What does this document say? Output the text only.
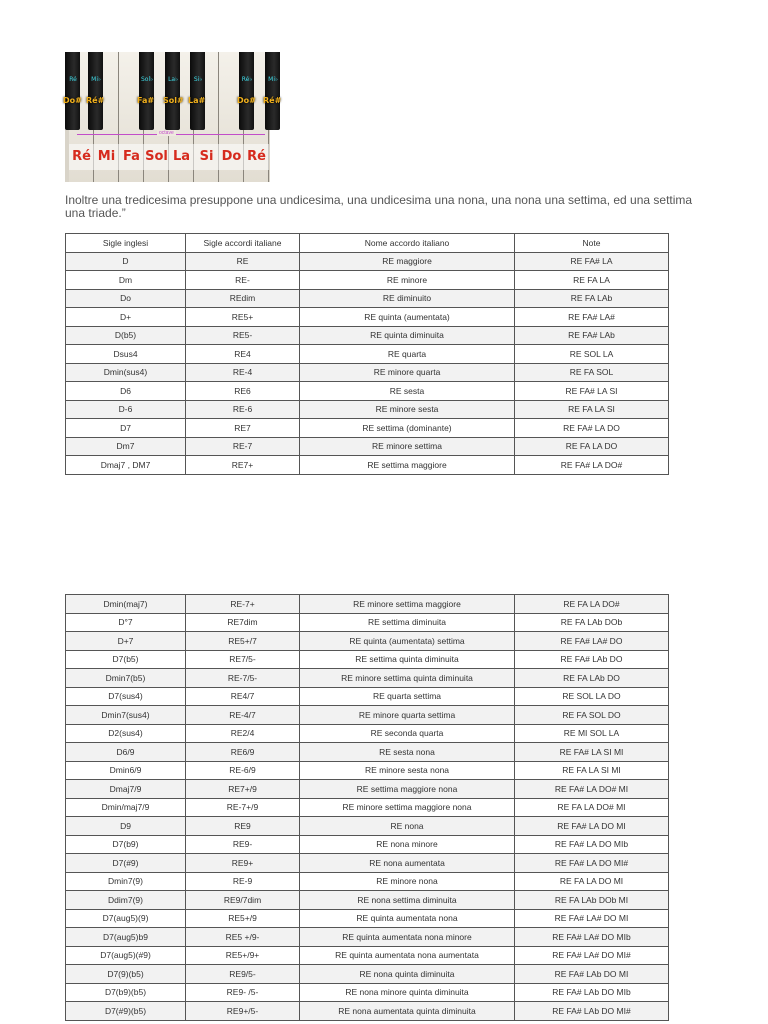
octave
Ré
Do#
Mi♭
Ré#
Sol♭
Fa#
La♭
Sol#
Si♭
La#
Ré♭
Do#
Mi♭
Ré#
Ré Mi Fa Sol La Si Do Ré
Inoltre una tredicesima presuppone una undicesima, una undicesima una nona, una nona una settima, ed una settima una triade.”
Sigle inglesi	Sigle accordi italiane	Nome accordo italiano	Note
D	RE	RE maggiore	RE FA# LA
Dm	RE-	RE minore	RE FA LA
Do	REdim	RE diminuito	RE FA LAb
D+	RE5+	RE quinta (aumentata)	RE FA# LA#
D(b5)	RE5-	RE quinta diminuita	RE FA# LAb
Dsus4	RE4	RE quarta	RE SOL LA
Dmin(sus4)	RE-4	RE minore quarta	RE FA SOL
D6	RE6	RE sesta	RE FA# LA SI
D-6	RE-6	RE minore sesta	RE FA LA SI
D7	RE7	RE settima (dominante)	RE FA# LA DO
Dm7	RE-7	RE minore settima	RE FA LA DO
Dmaj7 , DM7	RE7+	RE settima maggiore	RE FA# LA DO#
Dmin(maj7)	RE-7+	RE minore settima maggiore	RE FA LA DO#
D°7	RE7dim	RE settima diminuita	RE FA LAb DOb
D+7	RE5+/7	RE quinta (aumentata) settima	RE FA# LA# DO
D7(b5)	RE7/5-	RE settima quinta diminuita	RE FA# LAb DO
Dmin7(b5)	RE-7/5-	RE minore settima quinta diminuita	RE FA LAb DO
D7(sus4)	RE4/7	RE quarta settima	RE SOL LA DO
Dmin7(sus4)	RE-4/7	RE minore quarta settima	RE FA SOL DO
D2(sus4)	RE2/4	RE seconda quarta	RE MI SOL LA
D6/9	RE6/9	RE sesta nona	RE FA# LA SI MI
Dmin6/9	RE-6/9	RE minore sesta nona	RE FA LA SI MI
Dmaj7/9	RE7+/9	RE settima maggiore nona	RE FA# LA DO# MI
Dmin/maj7/9	RE-7+/9	RE minore settima maggiore nona	RE FA LA DO# MI
D9	RE9	RE nona	RE FA# LA DO MI
D7(b9)	RE9-	RE nona minore	RE FA# LA DO MIb
D7(#9)	RE9+	RE nona aumentata	RE FA# LA DO MI#
Dmin7(9)	RE-9	RE minore nona	RE FA LA DO MI
Ddim7(9)	RE9/7dim	RE nona settima diminuita	RE FA LAb DOb MI
D7(aug5)(9)	RE5+/9	RE quinta aumentata nona	RE FA# LA# DO MI
D7(aug5)b9	RE5 +/9-	RE quinta aumentata nona minore	RE FA# LA# DO MIb
D7(aug5)(#9)	RE5+/9+	RE quinta aumentata nona aumentata	RE FA# LA# DO MI#
D7(9)(b5)	RE9/5-	RE nona quinta diminuita	RE FA# LAb DO MI
D7(b9)(b5)	RE9- /5-	RE nona minore quinta diminuita	RE FA# LAb DO MIb
D7(#9)(b5)	RE9+/5-	RE nona aumentata quinta diminuita	RE FA# LAb DO MI#
